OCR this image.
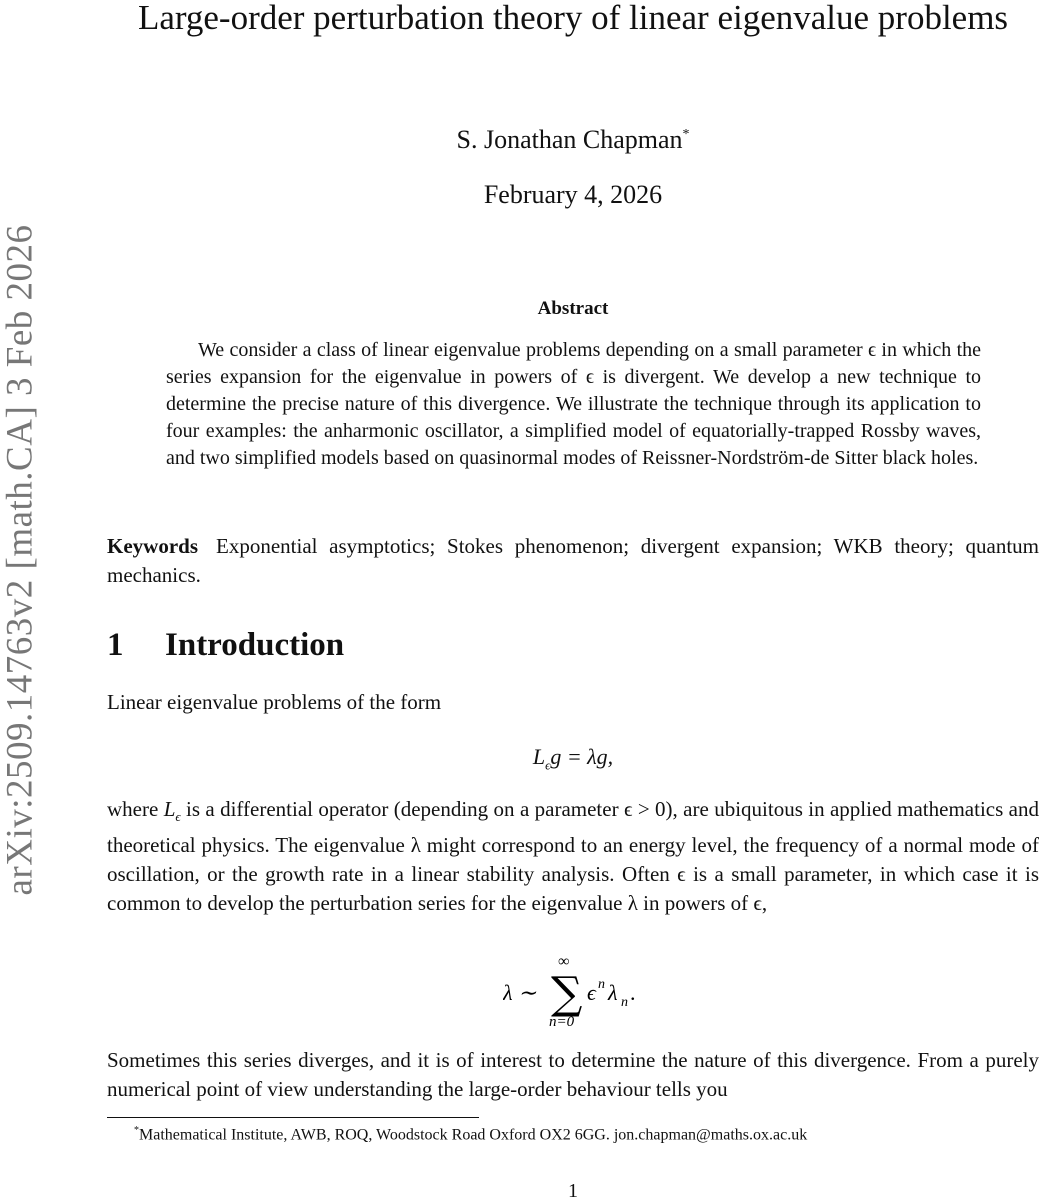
Large-order perturbation theory of linear eigenvalue problems
S. Jonathan Chapman*
February 4, 2026
arXiv:2509.14763v2 [math.CA] 3 Feb 2026	Abstract
We consider a class of linear eigenvalue problems depending on a small parameter ϵ in which the series expansion for the eigenvalue in powers of ϵ is divergent. We develop a new technique to determine the precise nature of this divergence. We illustrate the technique through its application to four examples: the anharmonic oscillator, a simplified model of equatorially-trapped Rossby waves, and two simplified models based on quasinormal modes of Reissner-Nordström-de Sitter black holes.
Keywords Exponential asymptotics; Stokes phenomenon; divergent expansion; WKB theory; quantum mechanics.
1 Introduction
Linear eigenvalue problems of the form
$L_\epsilon g = \lambda g$,
where $L_\epsilon$ is a differential operator (depending on a parameter ϵ > 0), are ubiquitous in applied mathematics and theoretical physics. The eigenvalue λ might correspond to an energy level, the frequency of a normal mode of oscillation, or the growth rate in a linear stability analysis. Often ϵ is a small parameter, in which case it is common to develop the perturbation series for the eigenvalue λ in powers of ϵ,
λ ∼ ∑
∞
n=0
ϵ n λ n .
Sometimes this series diverges, and it is of interest to determine the nature of this divergence. From a purely numerical point of view understanding the large-order behaviour tells you
*Mathematical Institute, AWB, ROQ, Woodstock Road Oxford OX2 6GG. jon.chapman@maths.ox.ac.uk
1
